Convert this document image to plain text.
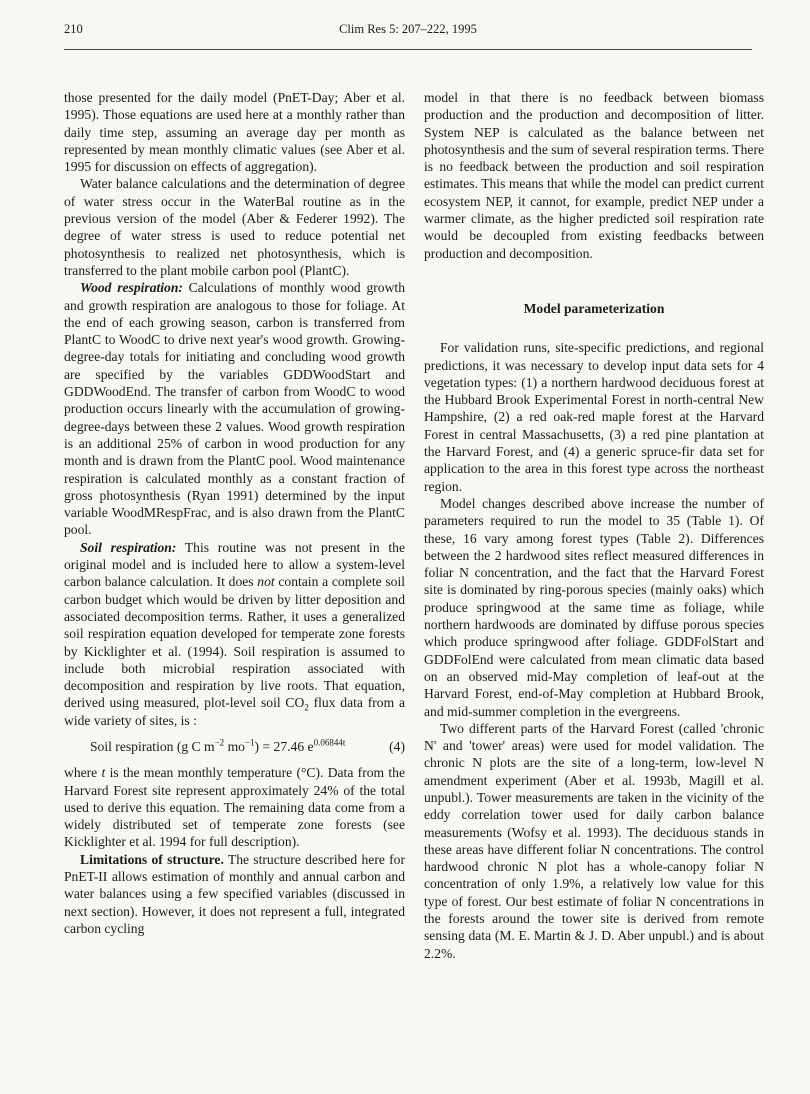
210	Clim Res 5: 207–222, 1995

those presented for the daily model (PnET-Day; Aber et al. 1995). Those equations are used here at a monthly rather than daily time step, assuming an average day per month as represented by mean monthly climatic values (see Aber et al. 1995 for discussion on effects of aggregation).

Water balance calculations and the determination of degree of water stress occur in the WaterBal routine as in the previous version of the model (Aber & Federer 1992). The degree of water stress is used to reduce potential net photosynthesis to realized net photosynthesis, which is transferred to the plant mobile carbon pool (PlantC).

Wood respiration: Calculations of monthly wood growth and growth respiration are analogous to those for foliage. At the end of each growing season, carbon is transferred from PlantC to WoodC to drive next year's wood growth. Growing-degree-day totals for initiating and concluding wood growth are specified by the variables GDDWoodStart and GDDWoodEnd. The transfer of carbon from WoodC to wood production occurs linearly with the accumulation of growing-degree-days between these 2 values. Wood growth respiration is an additional 25% of carbon in wood production for any month and is drawn from the PlantC pool. Wood maintenance respiration is calculated monthly as a constant fraction of gross photosynthesis (Ryan 1991) determined by the input variable WoodMRespFrac, and is also drawn from the PlantC pool.

Soil respiration: This routine was not present in the original model and is included here to allow a system-level carbon balance calculation. It does not contain a complete soil carbon budget which would be driven by litter deposition and associated decomposition terms. Rather, it uses a generalized soil respiration equation developed for temperate zone forests by Kicklighter et al. (1994). Soil respiration is assumed to include both microbial respiration associated with decomposition and respiration by live roots. That equation, derived using measured, plot-level soil $CO_2$ flux data from a wide variety of sites, is :

Soil respiration (g C $m^{-2}$ $mo^{-1}) = 27.46$ $e^{0.06844t}$	(4)

where t is the mean monthly temperature (°C). Data from the Harvard Forest site represent approximately 24% of the total used to derive this equation. The remaining data come from a widely distributed set of temperate zone forests (see Kicklighter et al. 1994 for full description).

Limitations of structure. The structure described here for PnET-II allows estimation of monthly and annual carbon and water balances using a few specified variables (discussed in next section). However, it does not represent a full, integrated carbon cycling

model in that there is no feedback between biomass production and the production and decomposition of litter. System NEP is calculated as the balance between net photosynthesis and the sum of several respiration terms. There is no feedback between the production and soil respiration estimates. This means that while the model can predict current ecosystem NEP, it cannot, for example, predict NEP under a warmer climate, as the higher predicted soil respiration rate would be decoupled from existing feedbacks between production and decomposition.

Model parameterization

For validation runs, site-specific predictions, and regional predictions, it was necessary to develop input data sets for 4 vegetation types: (1) a northern hardwood deciduous forest at the Hubbard Brook Experimental Forest in north-central New Hampshire, (2) a red oak-red maple forest at the Harvard Forest in central Massachusetts, (3) a red pine plantation at the Harvard Forest, and (4) a generic spruce-fir data set for application to the area in this forest type across the northeast region.

Model changes described above increase the number of parameters required to run the model to 35 (Table 1). Of these, 16 vary among forest types (Table 2). Differences between the 2 hardwood sites reflect measured differences in foliar N concentration, and the fact that the Harvard Forest site is dominated by ring-porous species (mainly oaks) which produce springwood at the same time as foliage, while northern hardwoods are dominated by diffuse porous species which produce springwood after foliage. GDDFolStart and GDDFolEnd were calculated from mean climatic data based on an observed mid-May completion of leaf-out at the Harvard Forest, end-of-May completion at Hubbard Brook, and mid-summer completion in the evergreens.

Two different parts of the Harvard Forest (called 'chronic N' and 'tower' areas) were used for model validation. The chronic N plots are the site of a long-term, low-level N amendment experiment (Aber et al. 1993b, Magill et al. unpubl.). Tower measurements are taken in the vicinity of the eddy correlation tower used for daily carbon balance measurements (Wofsy et al. 1993). The deciduous stands in these areas have different foliar N concentrations. The control hardwood chronic N plot has a whole-canopy foliar N concentration of only 1.9%, a relatively low value for this type of forest. Our best estimate of foliar N concentrations in the forests around the tower site is derived from remote sensing data (M. E. Martin & J. D. Aber unpubl.) and is about 2.2%.
